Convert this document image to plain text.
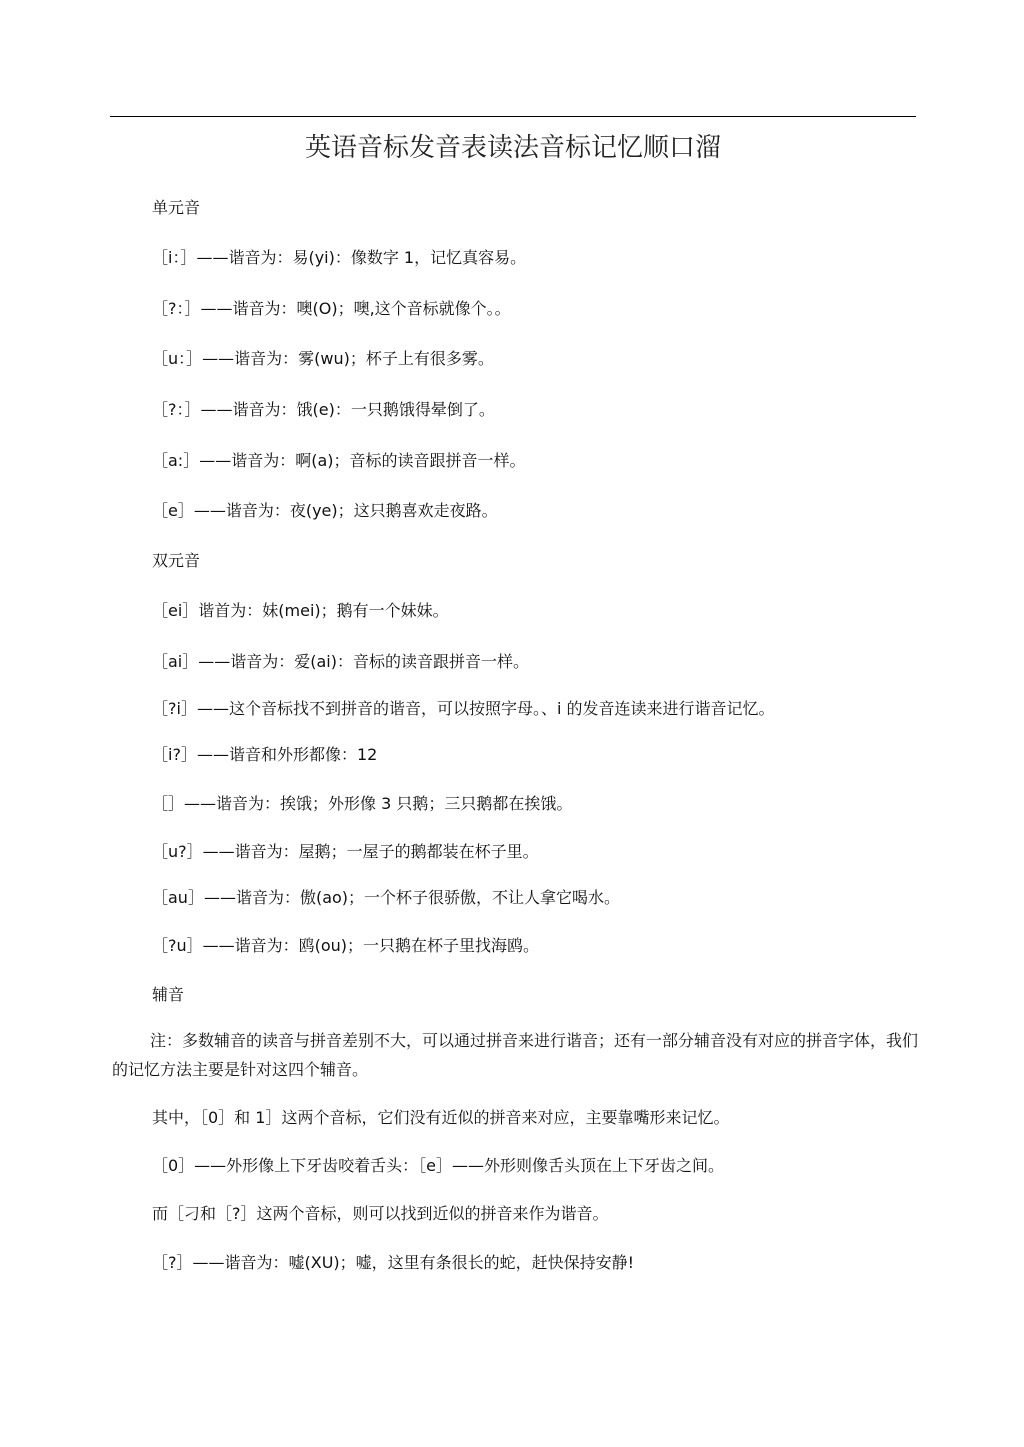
英语音标发音表读法音标记忆顺口溜
单元音
［i：］——谐音为：易(yi)：像数字 1，记忆真容易。
［?：］——谐音为：噢(O)；噢,这个音标就像个。。
［u：］——谐音为：雾(wu)；杯子上有很多雾。
［?：］——谐音为：饿(e)：一只鹅饿得晕倒了。
［a:］——谐音为：啊(a)；音标的读音跟拼音一样。
［e］——谐音为：夜(ye)；这只鹅喜欢走夜路。
双元音
［ei］谐首为：妹(mei)；鹅有一个妹妹。
［ai］——谐音为：爱(ai)：音标的读音跟拼音一样。
［?i］——这个音标找不到拼音的谐音，可以按照字母。、i 的发音连读来进行谐音记忆。
［i?］——谐音和外形都像：12
［］——谐音为：挨饿；外形像 3 只鹅；三只鹅都在挨饿。
［u?］——谐音为：屋鹅；一屋子的鹅都装在杯子里。
［au］——谐音为：傲(ao)；一个杯子很骄傲，不让人拿它喝水。
［?u］——谐音为：鸥(ou)；一只鹅在杯子里找海鸥。
辅音
注：多数辅音的读音与拼音差别不大，可以通过拼音来进行谐音；还有一部分辅音没有对应的拼音字体，我们的记忆方法主要是针对这四个辅音。
其中，［0］和 1］这两个音标，它们没有近似的拼音来对应，主要靠嘴形来记忆。
［0］——外形像上下牙齿咬着舌头：［e］——外形则像舌头顶在上下牙齿之间。
而［刁和［?］这两个音标，则可以找到近似的拼音来作为谐音。
［?］——谐音为：嘘(XU)；嘘，这里有条很长的蛇，赶快保持安静!
